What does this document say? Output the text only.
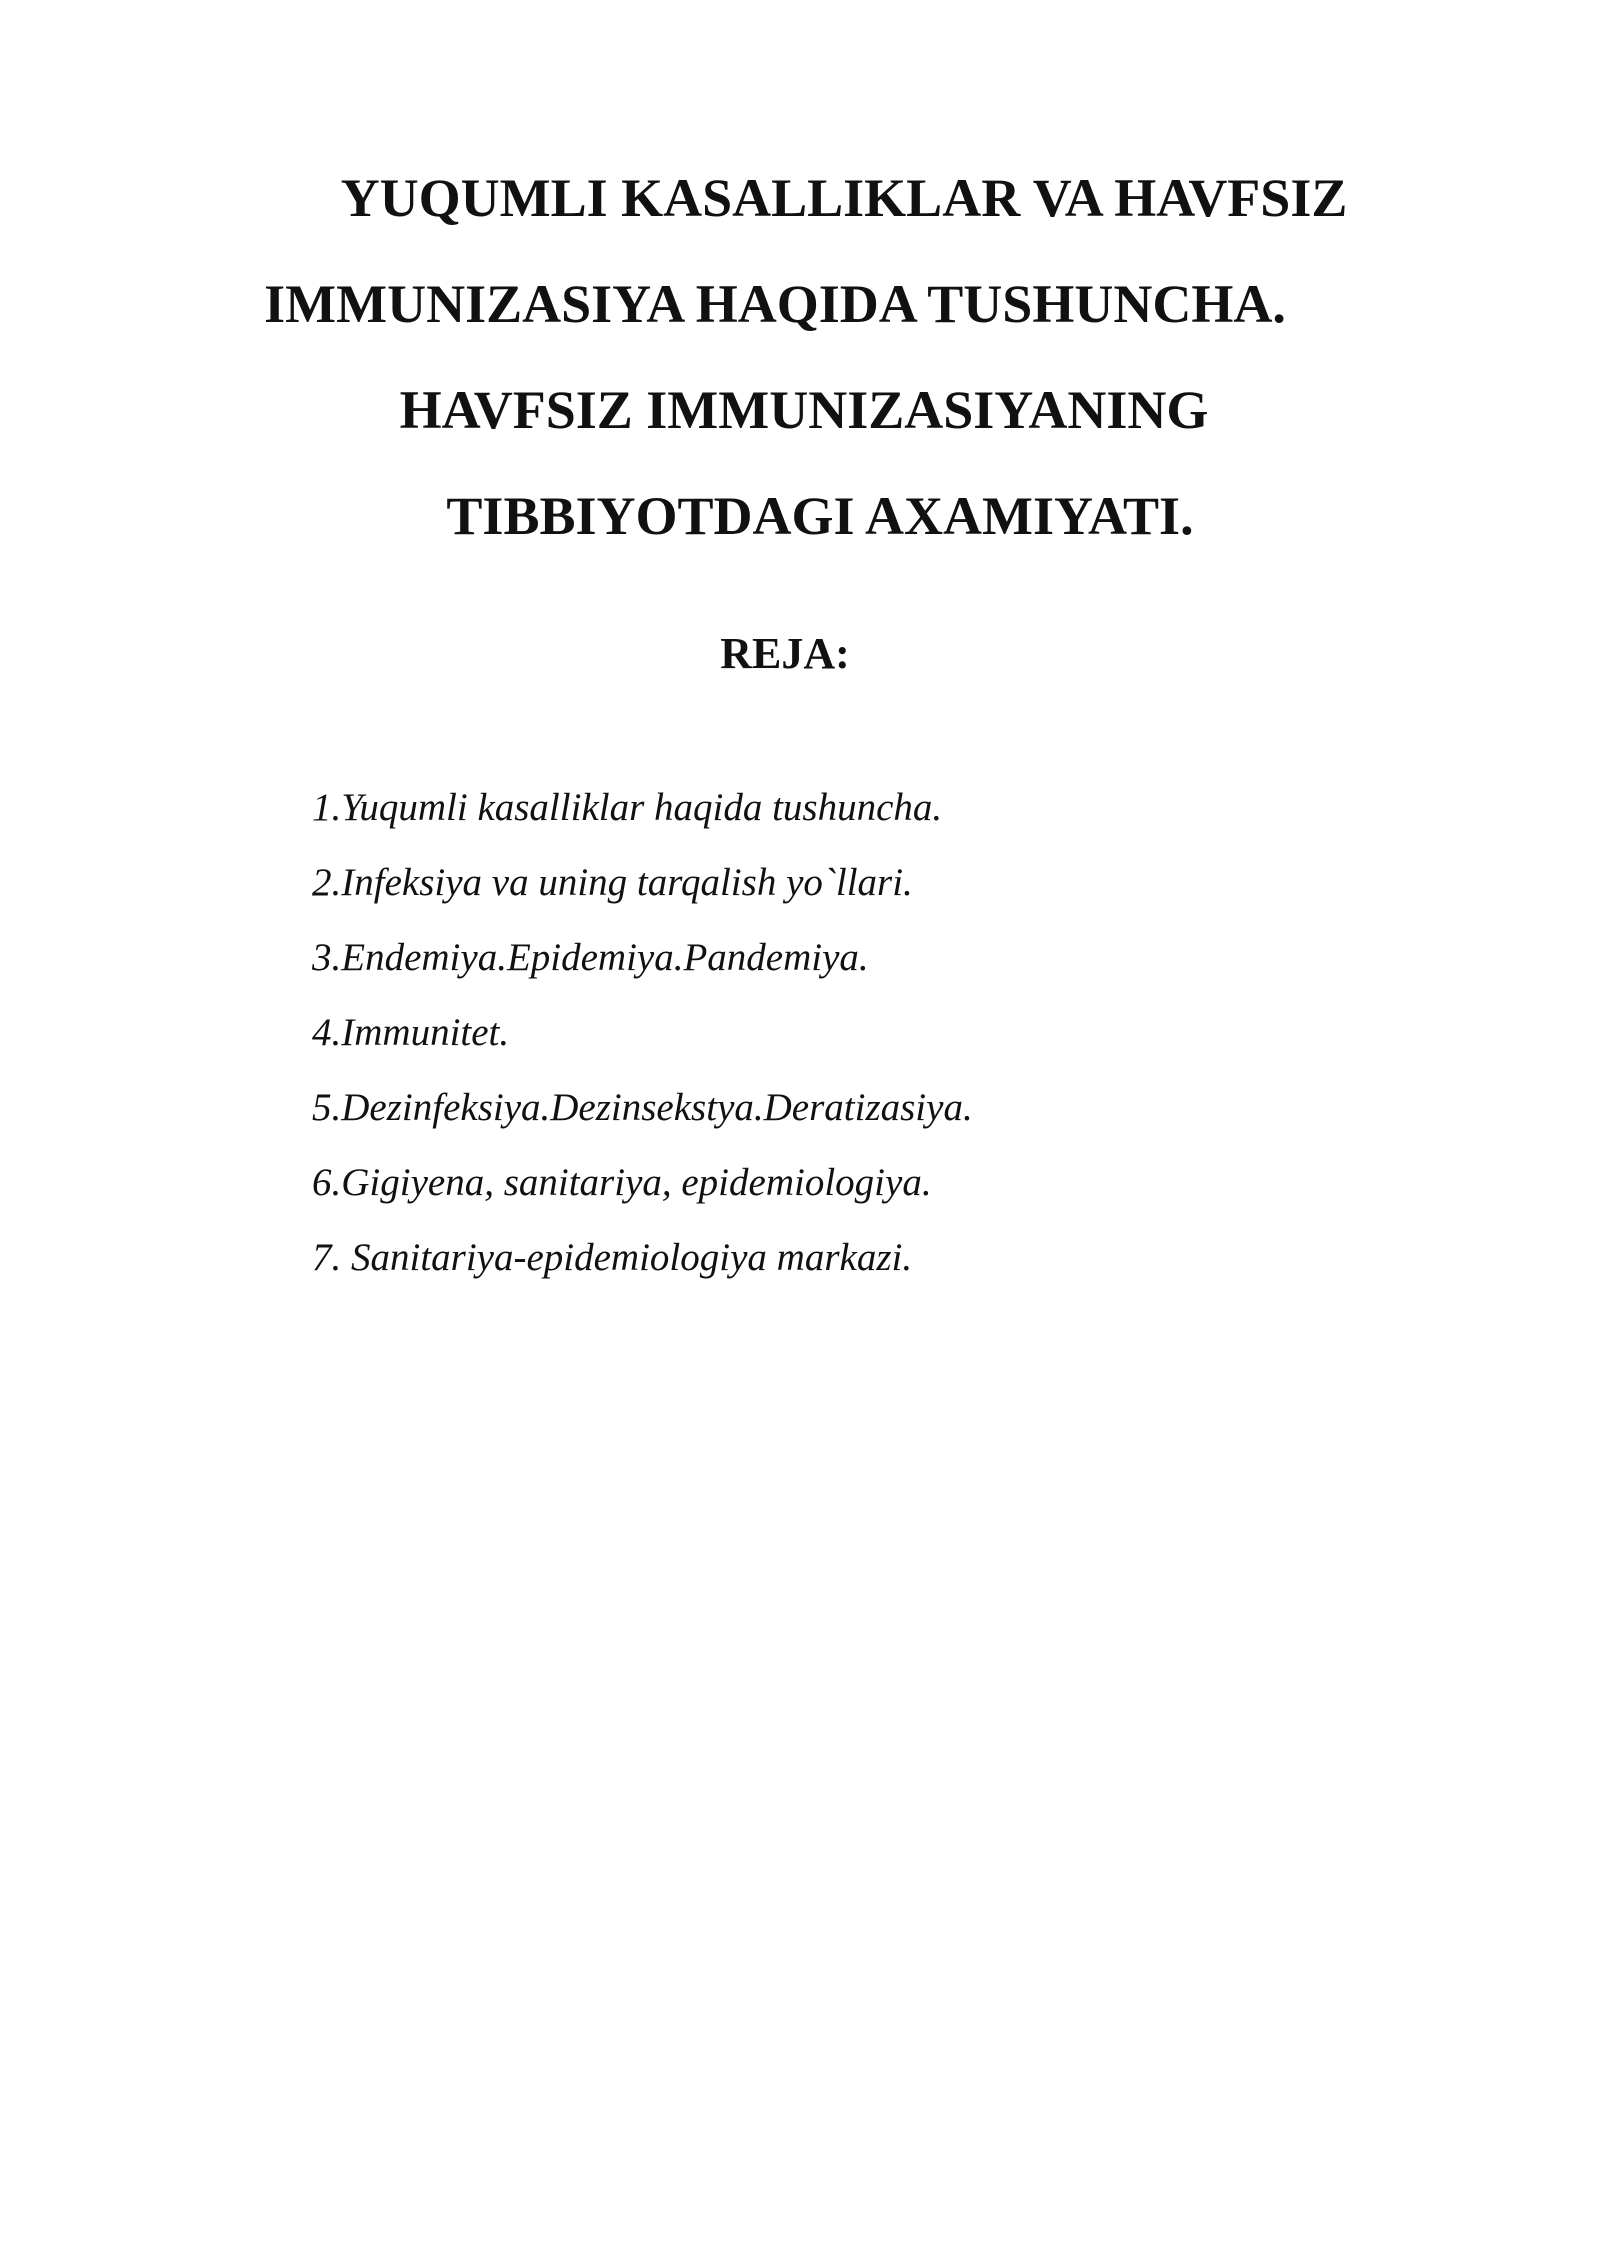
YUQUMLI KASALLIKLAR VA HAVFSIZ
IMMUNIZASIYA HAQIDA TUSHUNCHA.
HAVFSIZ IMMUNIZASIYANING
TIBBIYOTDAGI AXAMIYATI.
REJA:
1.Yuqumli kasalliklar haqida tushuncha.
2.Infeksiya va uning tarqalish yo`llari.
3.Endemiya.Epidemiya.Pandemiya.
4.Immunitet.
5.Dezinfeksiya.Dezinsekstya.Deratizasiya.
6.Gigiyena, sanitariya, epidemiologiya.
7. Sanitariya-epidemiologiya markazi.
